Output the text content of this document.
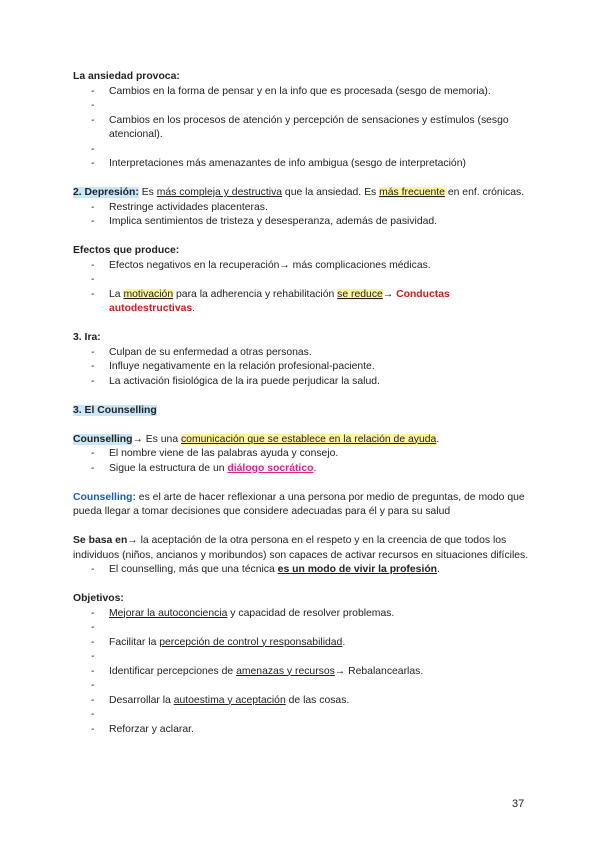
La ansiedad provoca:

- Cambios en la forma de pensar y en la info que es procesada (sesgo de memoria).
-
- Cambios en los procesos de atención y percepción de sensaciones y estímulos (sesgo atencional).
-
- Interpretaciones más amenazantes de info ambigua (sesgo de interpretación)

2. Depresión: Es más compleja y destructiva que la ansiedad. Es más frecuente en enf. crónicas.

- Restringe actividades placenteras.
- Implica sentimientos de tristeza y desesperanza, además de pasividad.

Efectos que produce:

- Efectos negativos en la recuperación→ más complicaciones médicas.
-
- La motivación para la adherencia y rehabilitación se reduce→ Conductas autodestructivas.

3. Ira:

- Culpan de su enfermedad a otras personas.
- Influye negativamente en la relación profesional-paciente.
- La activación fisiológica de la ira puede perjudicar la salud.

3. El Counselling

Counselling→ Es una comunicación que se establece en la relación de ayuda.

- El nombre viene de las palabras ayuda y consejo.
- Sigue la estructura de un diálogo socrático.

Counselling: es el arte de hacer reflexionar a una persona por medio de preguntas, de modo que pueda llegar a tomar decisiones que considere adecuadas para él y para su salud

Se basa en→ la aceptación de la otra persona en el respeto y en la creencia de que todos los individuos (niños, ancianos y moribundos) son capaces de activar recursos en situaciones difíciles.

- El counselling, más que una técnica es un modo de vivir la profesión.

Objetivos:

- Mejorar la autoconciencia y capacidad de resolver problemas.
-
- Facilitar la percepción de control y responsabilidad.
-
- Identificar percepciones de amenazas y recursos→ Rebalancearlas.
-
- Desarrollar la autoestima y aceptación de las cosas.
-
- Reforzar y aclarar.
37
